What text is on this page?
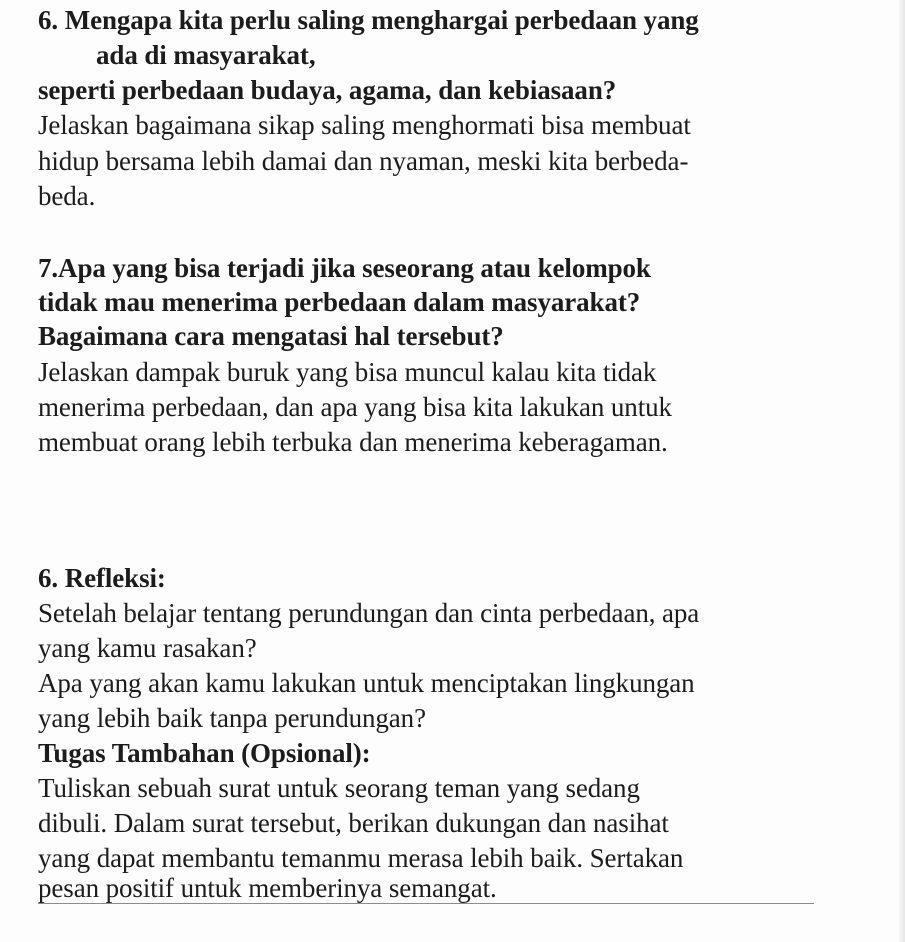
6. Mengapa kita perlu saling menghargai perbedaan yang
ada di masyarakat,
seperti perbedaan budaya, agama, dan kebiasaan?
Jelaskan bagaimana sikap saling menghormati bisa membuat
hidup bersama lebih damai dan nyaman, meski kita berbeda-
beda.
7.Apa yang bisa terjadi jika seseorang atau kelompok
tidak mau menerima perbedaan dalam masyarakat?
Bagaimana cara mengatasi hal tersebut?
Jelaskan dampak buruk yang bisa muncul kalau kita tidak
menerima perbedaan, dan apa yang bisa kita lakukan untuk
membuat orang lebih terbuka dan menerima keberagaman.
6. Refleksi:
Setelah belajar tentang perundungan dan cinta perbedaan, apa
yang kamu rasakan?
Apa yang akan kamu lakukan untuk menciptakan lingkungan
yang lebih baik tanpa perundungan?
Tugas Tambahan (Opsional):
Tuliskan sebuah surat untuk seorang teman yang sedang
dibuli. Dalam surat tersebut, berikan dukungan dan nasihat
yang dapat membantu temanmu merasa lebih baik. Sertakan
pesan positif untuk memberinya semangat.
